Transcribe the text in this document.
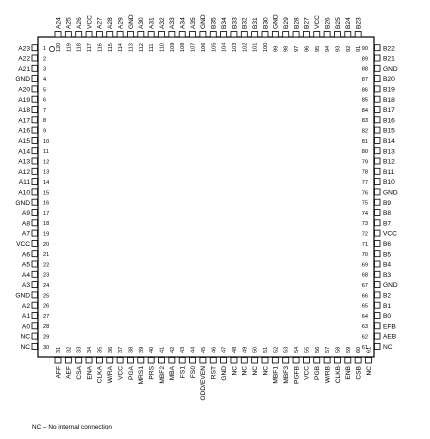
A23 1
A22 2
A21 3
GND 4
A20 5
A19 6
A18 7
A17 8
A16 9
A15 10
A14 11
A13 12
A12 13
A11 14
A10 15
GND 16
A9 17
A8 18
A7 19
VCC 20
A6 21
A5 22
A4 23
A3 24
GND 25
A2 26
A1 27
A0 28
NC 29
NC 30
B22
90
B21
89
GND
88
B20
87
B19
86
B18
85
B17
84
B16
83
B15
82
B14
81
B13
80
B12
79
B11
78
B10
77
GND
76
B9
75
B8
74
B7
73
VCC
72
B6
71
B5
70
B4
69
B3
68
GND
67
B2
66
B1
65
B0
64
EFB
63
AEB
62
NC
61
A24
120
A25
119
A26
118
VCC
117
A27
116
A28
115
A29
114
GND
113
A30
112
A31
111
A32
110
A33
109
A34
108
A35
107
GND
106
B35
105
B34
104
B33
103
B32
102
B31
101
B30
100
GND
99
B29
98
B28
97
B27
96
VCC
95
B26
94
B25
93
B24
92
B23
91
AFF
31
AEF
32
CSA
33
ENA
34
CLKA
35
W/RA
36
VCC
37
PGA
38
MRS1
39
PRS
40
MBF2
41
MBA
42
FS1
43
FS0
44
ODD/EVEN
45
RST
46
GND
47
NC
48
NC
49
NC
50
NC
51
MBF1
52
MBF3
53
PGFB
54
VCC
55
PGB
56
W/RB
57
CLKB
58
ENB
59
CSB
60
NC
61
NC – No internal connection
